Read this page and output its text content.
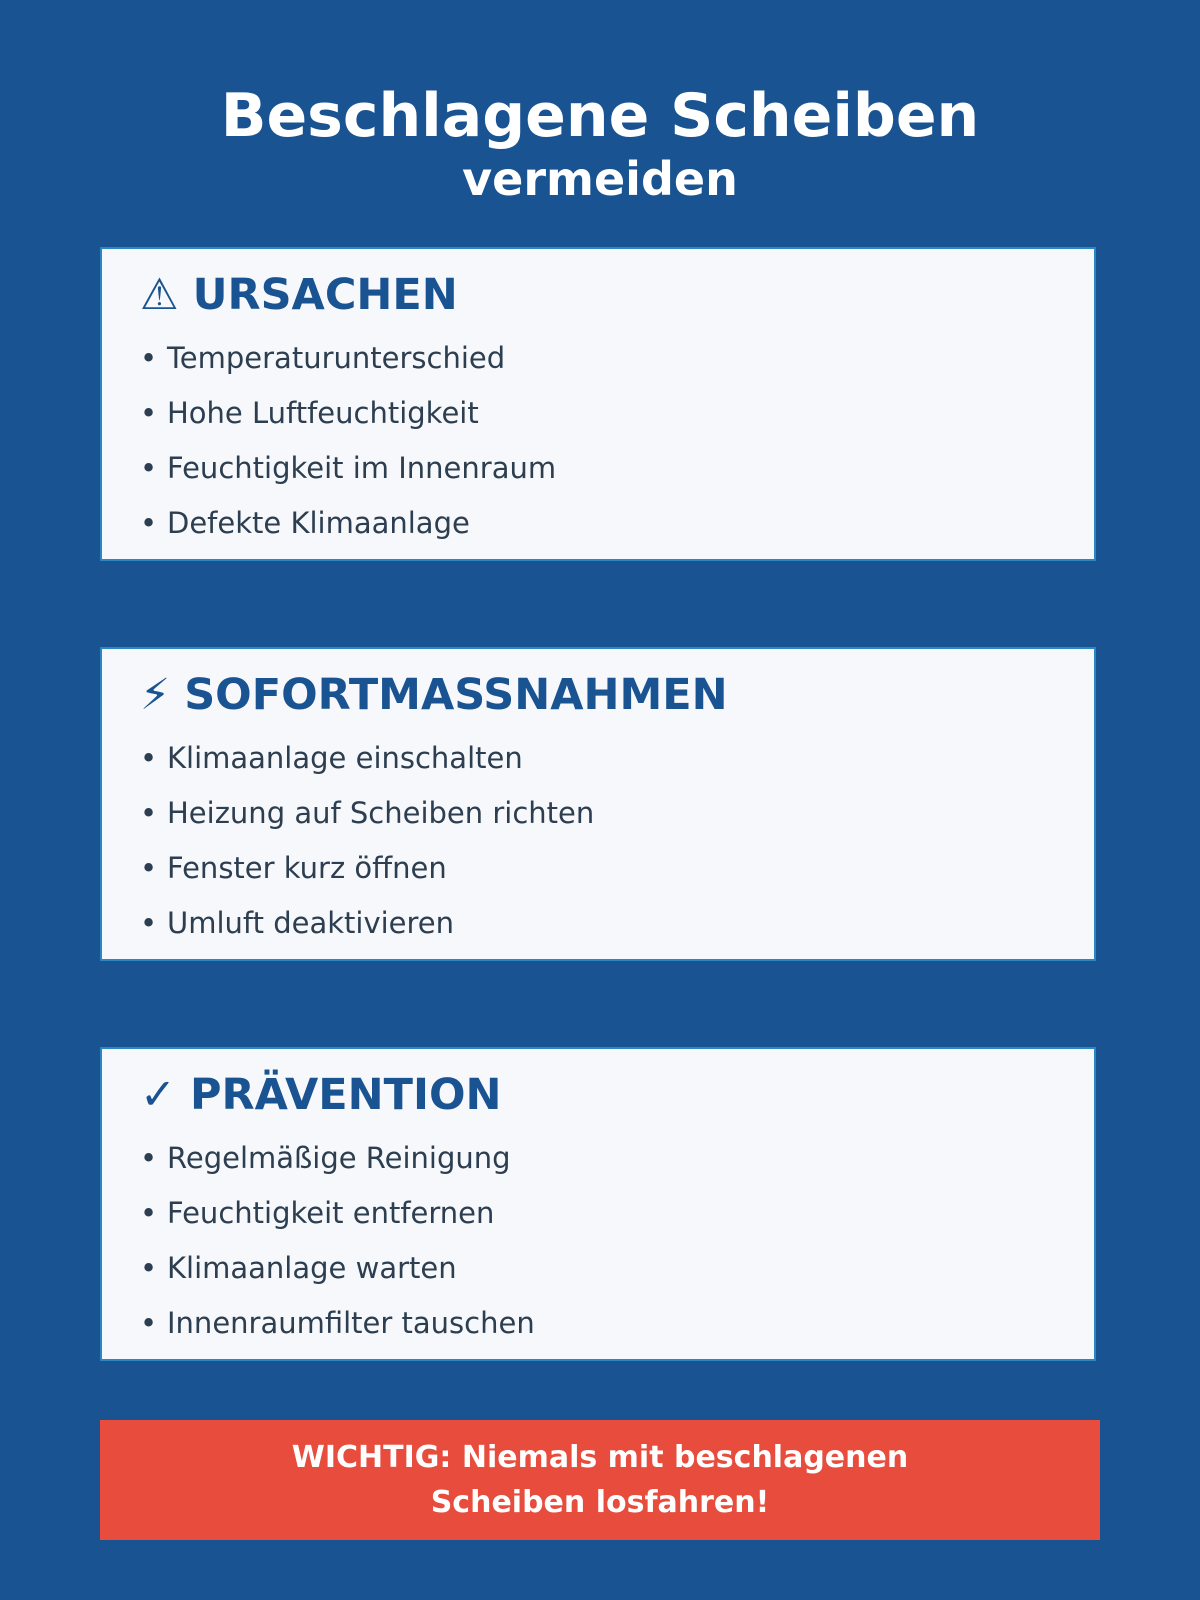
Beschlagene Scheiben
vermeiden
⚠ URSACHEN
• Temperaturunterschied
• Hohe Luftfeuchtigkeit
• Feuchtigkeit im Innenraum
• Defekte Klimaanlage
⚡ SOFORTMASSNAHMEN
• Klimaanlage einschalten
• Heizung auf Scheiben richten
• Fenster kurz öffnen
• Umluft deaktivieren
✓ PRÄVENTION
• Regelmäßige Reinigung
• Feuchtigkeit entfernen
• Klimaanlage warten
• Innenraumfilter tauschen
WICHTIG: Niemals mit beschlagenen
Scheiben losfahren!
